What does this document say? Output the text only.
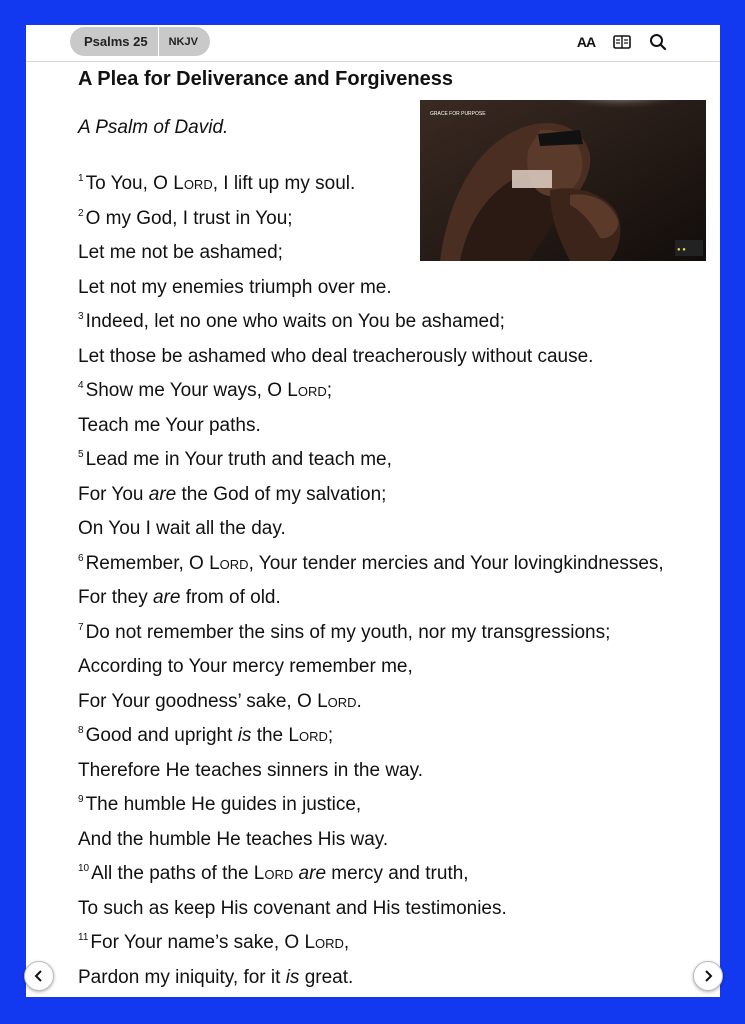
Psalms 25	NKJV	AA
A Plea for Deliverance and Forgiveness
A Psalm of David.
● ●
GRACE FOR PURPOSE
$^1$ To You, O Lord, I lift up my soul.
$^2$ O my God, I trust in You;
Let me not be ashamed;
Let not my enemies triumph over me.
$^3$ Indeed, let no one who waits on You be ashamed;
Let those be ashamed who deal treacherously without cause.
$^4$ Show me Your ways, O Lord;
Teach me Your paths.
$^5$ Lead me in Your truth and teach me,
For You are the God of my salvation;
On You I wait all the day.
$^6$ Remember, O Lord, Your tender mercies and Your lovingkindnesses,
For they are from of old.
$^7$ Do not remember the sins of my youth, nor my transgressions;
According to Your mercy remember me,
For Your goodness’ sake, O Lord.
$^8$ Good and upright is the Lord;
Therefore He teaches sinners in the way.
$^9$ The humble He guides in justice,
And the humble He teaches His way.
$^{10}$ All the paths of the Lord are mercy and truth,
To such as keep His covenant and His testimonies.
$^{11}$ For Your name’s sake, O Lord,
Pardon my iniquity, for it is great.
